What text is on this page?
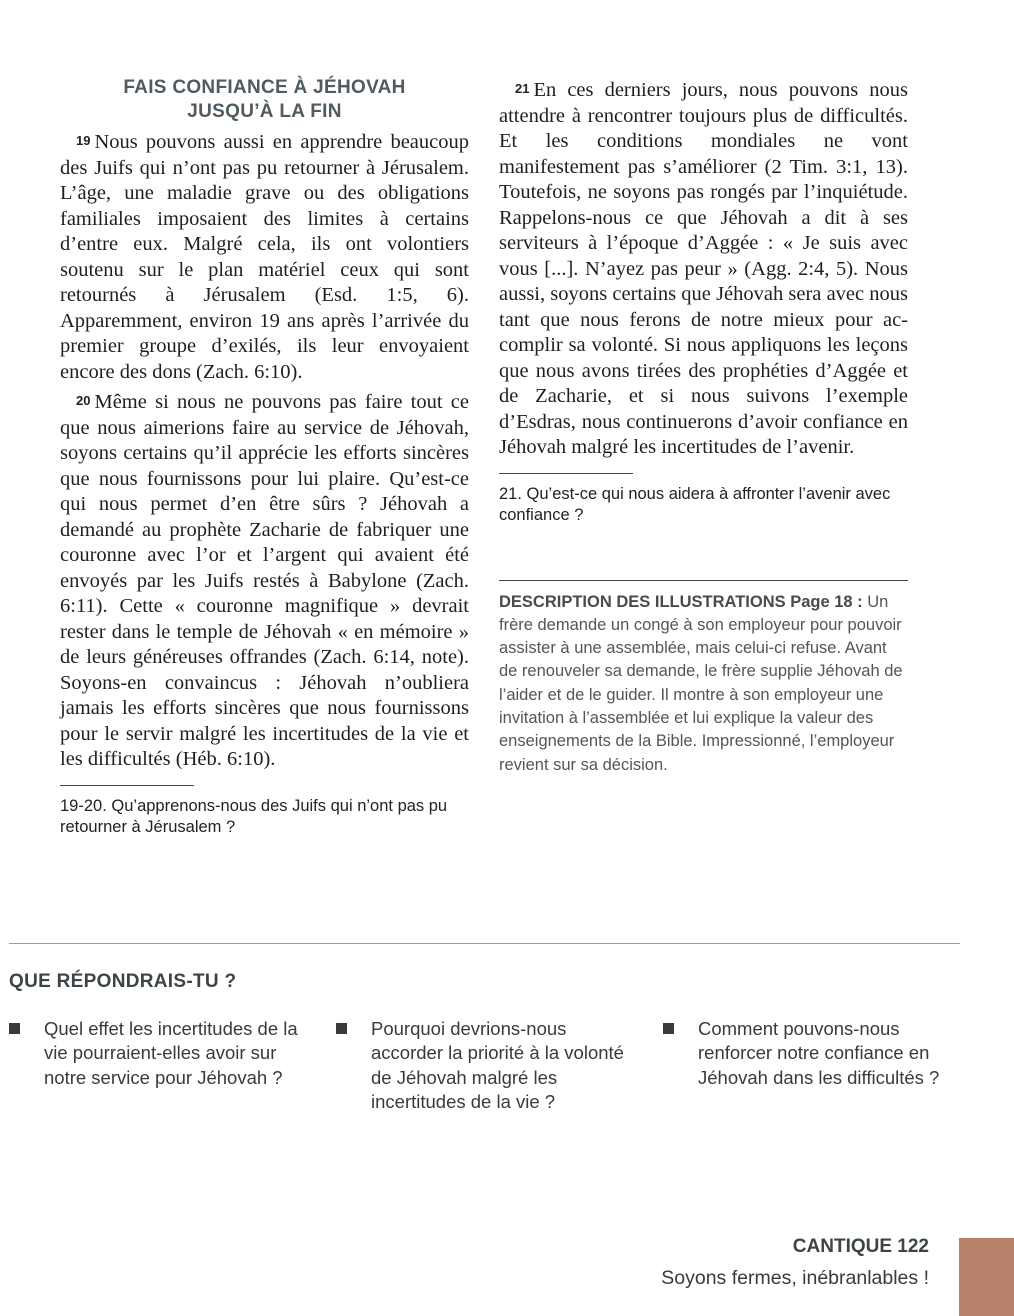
FAIS CONFIANCE À JÉHOVAH
JUSQU’À LA FIN

19 Nous pouvons aussi en apprendre beaucoup des Juifs qui n’ont pas pu retourner à Jérusalem. L’âge, une maladie grave ou des obligations familiales imposaient des limites à certains d’entre eux. Malgré cela, ils ont volontiers soutenu sur le plan matériel ceux qui sont retournés à Jérusalem (Esd. 1:5, 6). Apparemment, environ 19 ans après l’arrivée du premier groupe d’exilés, ils leur envoyaient encore des dons (Zach. 6:10).

20 Même si nous ne pouvons pas faire tout ce que nous aimerions faire au service de Jéhovah, soyons certains qu’il apprécie les efforts sincères que nous fournissons pour lui plaire. Qu’est-ce qui nous permet d’en être sûrs ? Jéhovah a demandé au prophète Zacharie de fabriquer une couronne avec l’or et l’argent qui avaient été envoyés par les Juifs restés à Babylone (Zach. 6:11). Cette « couronne magnifique » devrait rester dans le temple de Jéhovah « en mémoire » de leurs généreuses offrandes (Zach. 6:14, note). Soyons-en convaincus : Jéhovah n’oubliera jamais les efforts sincères que nous fournissons pour le servir malgré les incertitudes de la vie et les difficultés (Héb. 6:10).

19-20. Qu’apprenons-nous des Juifs qui n’ont pas pu retourner à Jérusalem ?

21 En ces derniers jours, nous pouvons nous attendre à rencontrer toujours plus de difficultés. Et les conditions mondiales ne vont manifestement pas s’améliorer (2 Tim. 3:1, 13). Toutefois, ne soyons pas rongés par l’inquiétude. Rappelons-nous ce que Jéhovah a dit à ses serviteurs à l’époque d’Aggée : « Je suis avec vous [...]. N’ayez pas peur » (Agg. 2:4, 5). Nous aussi, soyons certains que Jéhovah sera avec nous tant que nous ferons de notre mieux pour accomplir sa volonté. Si nous appliquons les leçons que nous avons tirées des prophéties d’Aggée et de Zacharie, et si nous suivons l’exemple d’Esdras, nous continuerons d’avoir confiance en Jéhovah malgré les incertitudes de l’avenir.

21. Qu’est-ce qui nous aidera à affronter l’avenir avec confiance ?

DESCRIPTION DES ILLUSTRATIONS Page 18 : Un frère demande un congé à son employeur pour pouvoir assister à une assemblée, mais celui-ci refuse. Avant de renouveler sa demande, le frère supplie Jéhovah de l’aider et de le guider. Il montre à son employeur une invitation à l’assemblée et lui explique la valeur des enseignements de la Bible. Impressionné, l’employeur revient sur sa décision.

QUE RÉPONDRAIS-TU ?

Quel effet les incertitudes de la vie pourraient-elles avoir sur notre service pour Jéhovah ?
Pourquoi devrions-nous accorder la priorité à la volonté de Jéhovah malgré les incertitudes de la vie ?
Comment pouvons-nous renforcer notre confiance en Jéhovah dans les difficultés ?

CANTIQUE 122

Soyons fermes, inébranlables !
